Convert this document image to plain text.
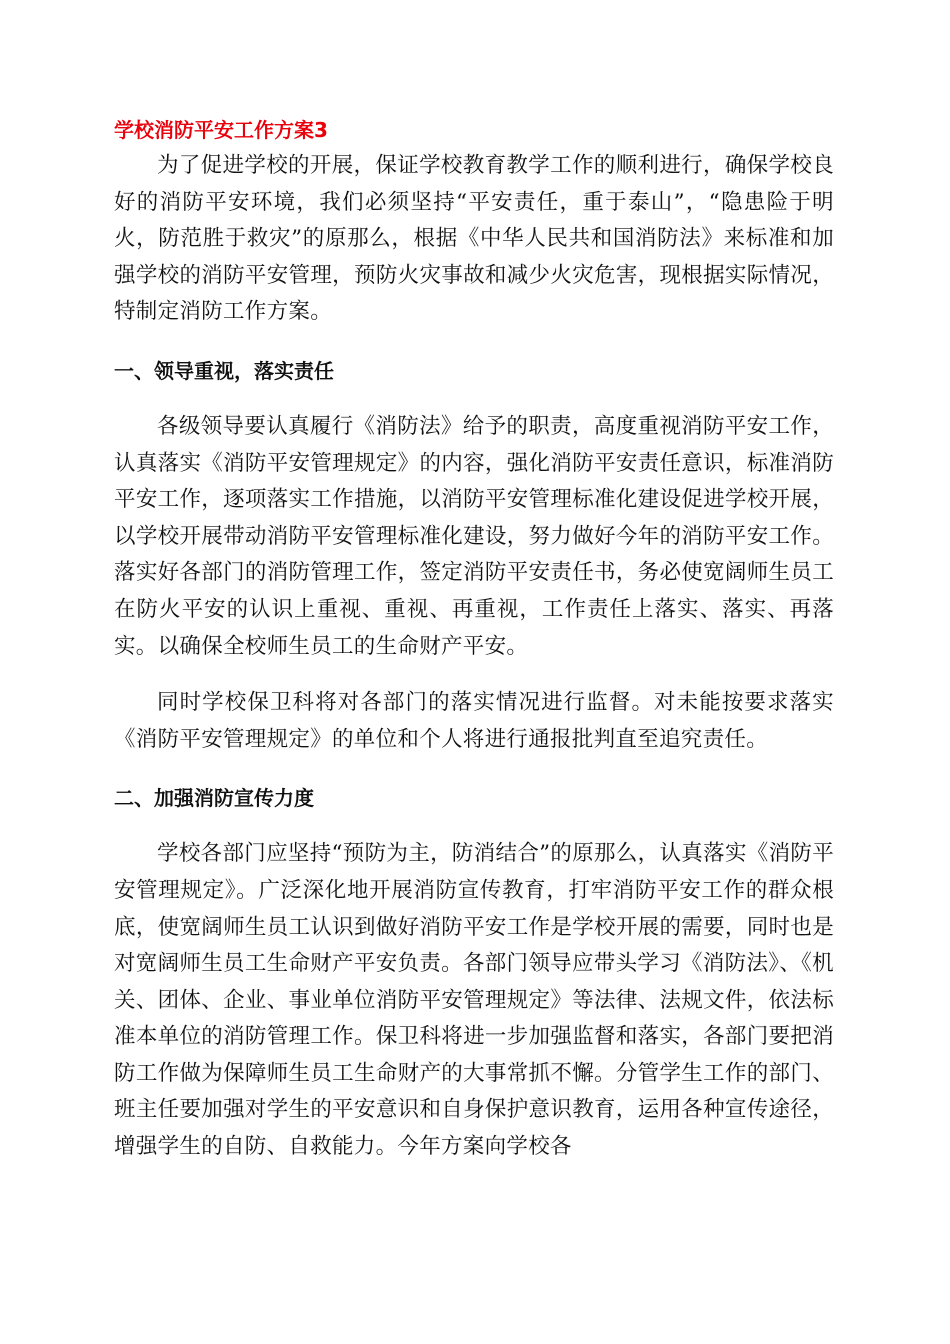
学校消防平安工作方案3

为了促进学校的开展，保证学校教育教学工作的顺利进行，确保学校良好的消防平安环境，我们必须坚持“平安责任，重于泰山”，“隐患险于明火，防范胜于救灾”的原那么，根据《中华人民共和国消防法》来标准和加强学校的消防平安管理，预防火灾事故和减少火灾危害，现根据实际情况，特制定消防工作方案。

一、领导重视，落实责任

各级领导要认真履行《消防法》给予的职责，高度重视消防平安工作，认真落实《消防平安管理规定》的内容，强化消防平安责任意识，标准消防平安工作，逐项落实工作措施，以消防平安管理标准化建设促进学校开展，以学校开展带动消防平安管理标准化建设，努力做好今年的消防平安工作。落实好各部门的消防管理工作，签定消防平安责任书，务必使宽阔师生员工在防火平安的认识上重视、重视、再重视，工作责任上落实、落实、再落实。以确保全校师生员工的生命财产平安。

同时学校保卫科将对各部门的落实情况进行监督。对未能按要求落实《消防平安管理规定》的单位和个人将进行通报批判直至追究责任。

二、加强消防宣传力度

学校各部门应坚持“预防为主，防消结合”的原那么，认真落实《消防平安管理规定》。广泛深化地开展消防宣传教育，打牢消防平安工作的群众根底，使宽阔师生员工认识到做好消防平安工作是学校开展的需要，同时也是对宽阔师生员工生命财产平安负责。各部门领导应带头学习《消防法》、《机关、团体、企业、事业单位消防平安管理规定》等法律、法规文件，依法标准本单位的消防管理工作。保卫科将进一步加强监督和落实，各部门要把消防工作做为保障师生员工生命财产的大事常抓不懈。分管学生工作的部门、班主任要加强对学生的平安意识和自身保护意识教育，运用各种宣传途径，增强学生的自防、自救能力。今年方案向学校各
